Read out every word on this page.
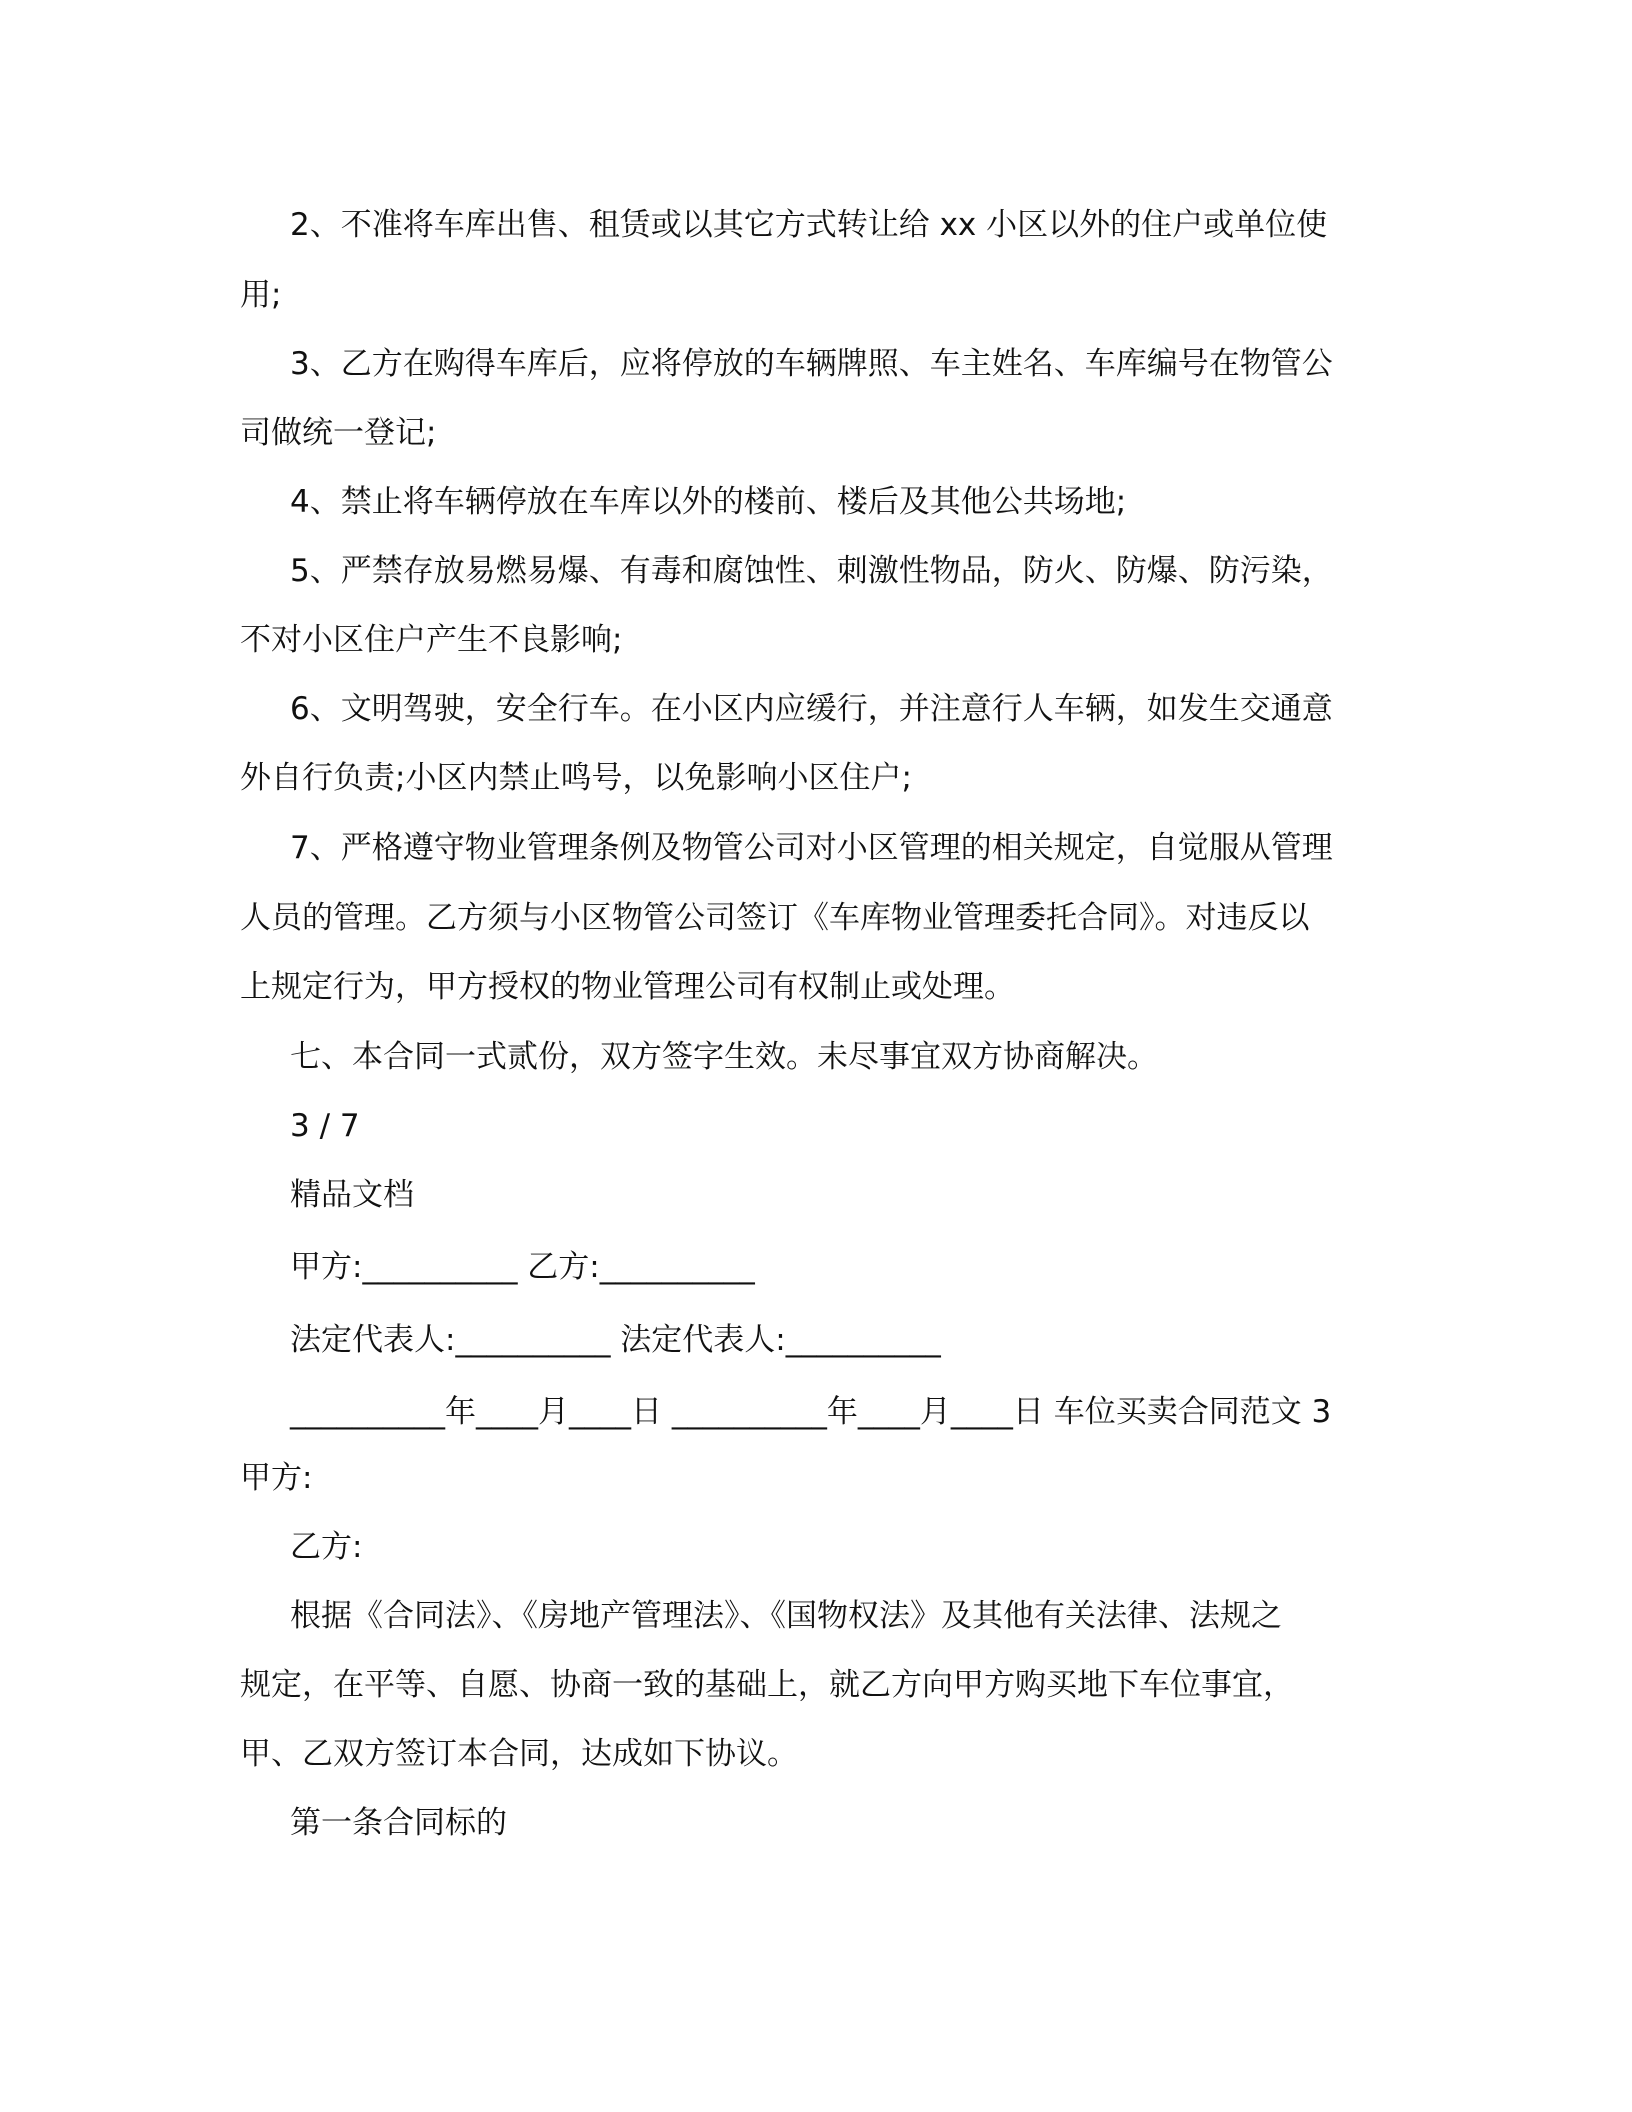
2、不准将车库出售、租赁或以其它方式转让给 xx 小区以外的住户或单位使
用;
3、乙方在购得车库后，应将停放的车辆牌照、车主姓名、车库编号在物管公
司做统一登记;
4、禁止将车辆停放在车库以外的楼前、楼后及其他公共场地;
5、严禁存放易燃易爆、有毒和腐蚀性、刺激性物品，防火、防爆、防污染，
不对小区住户产生不良影响;
6、文明驾驶，安全行车。在小区内应缓行，并注意行人车辆，如发生交通意
外自行负责;小区内禁止鸣号，以免影响小区住户;
7、严格遵守物业管理条例及物管公司对小区管理的相关规定，自觉服从管理
人员的管理。乙方须与小区物管公司签订《车库物业管理委托合同》。对违反以
上规定行为，甲方授权的物业管理公司有权制止或处理。
七、本合同一式贰份，双方签字生效。未尽事宜双方协商解决。
3 / 7
精品文档
甲方:__________ 乙方:__________
法定代表人:__________ 法定代表人:__________
__________年____月____日 __________年____月____日 车位买卖合同范文 3
甲方:
乙方:
根据《合同法》、《房地产管理法》、《国物权法》及其他有关法律、法规之
规定，在平等、自愿、协商一致的基础上，就乙方向甲方购买地下车位事宜，
甲、乙双方签订本合同，达成如下协议。
第一条合同标的
